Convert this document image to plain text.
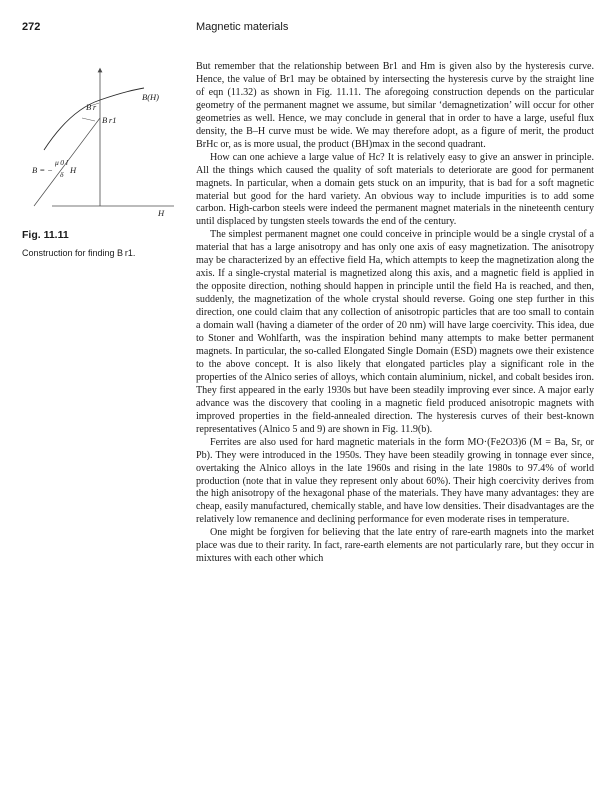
272	Magnetic materials
B(H)
B r
B r1
B = −
μ 0 l
δ H
H
Fig. 11.11
Construction for finding B r1.

But remember that the relationship between Br1 and Hm is given also by the hysteresis curve. Hence, the value of Br1 may be obtained by intersecting the hysteresis curve by the straight line of eqn (11.32) as shown in Fig. 11.11. The aforegoing construction depends on the particular geometry of the permanent magnet we assume, but similar ‘demagnetization’ will occur for other geometries as well. Hence, we may conclude in general that in order to have a large, useful flux density, the B–H curve must be wide. We may therefore adopt, as a figure of merit, the product BrHc or, as is more usual, the product (BH)max in the second quadrant.

How can one achieve a large value of Hc? It is relatively easy to give an answer in principle. All the things which caused the quality of soft materials to deteriorate are good for permanent magnets. In particular, when a domain gets stuck on an impurity, that is bad for a soft magnetic material but good for the hard variety. An obvious way to include impurities is to add some carbon. High-carbon steels were indeed the permanent magnet materials in the nineteenth century until displaced by tungsten steels towards the end of the century.

The simplest permanent magnet one could conceive in principle would be a single crystal of a material that has a large anisotropy and has only one axis of easy magnetization. The anisotropy may be characterized by an effective field Ha, which attempts to keep the magnetization along the axis. If a single-crystal material is magnetized along this axis, and a magnetic field is applied in the opposite direction, nothing should happen in principle until the field Ha is reached, and then, suddenly, the magnetization of the whole crystal should reverse. Going one step further in this direction, one could claim that any collection of anisotropic particles that are too small to contain a domain wall (having a diameter of the order of 20 nm) will have large coercivity. This idea, due to Stoner and Wohlfarth, was the inspiration behind many attempts to make better permanent magnets. In particular, the so-called Elongated Single Domain (ESD) magnets owe their existence to the above concept. It is also likely that elongated particles play a significant role in the properties of the Alnico series of alloys, which contain aluminium, nickel, and cobalt besides iron. They first appeared in the early 1930s but have been steadily improving ever since. A major early advance was the discovery that cooling in a magnetic field produced anisotropic magnets with improved properties in the field-annealed direction. The hysteresis curves of their best-known representatives (Alnico 5 and 9) are shown in Fig. 11.9(b).

Ferrites are also used for hard magnetic materials in the form MO·(Fe2O3)6 (M = Ba, Sr, or Pb). They were introduced in the 1950s. They have been steadily growing in tonnage ever since, overtaking the Alnico alloys in the late 1960s and rising in the late 1980s to 97.4% of world production (note that in value they represent only about 60%). Their high coercivity derives from the high anisotropy of the hexagonal phase of the materials. They have many advantages: they are cheap, easily manufactured, chemically stable, and have low densities. Their disadvantages are the relatively low remanence and declining performance for even moderate rises in temperature.

One might be forgiven for believing that the late entry of rare-earth magnets into the market place was due to their rarity. In fact, rare-earth elements are not particularly rare, but they occur in mixtures with each other which
